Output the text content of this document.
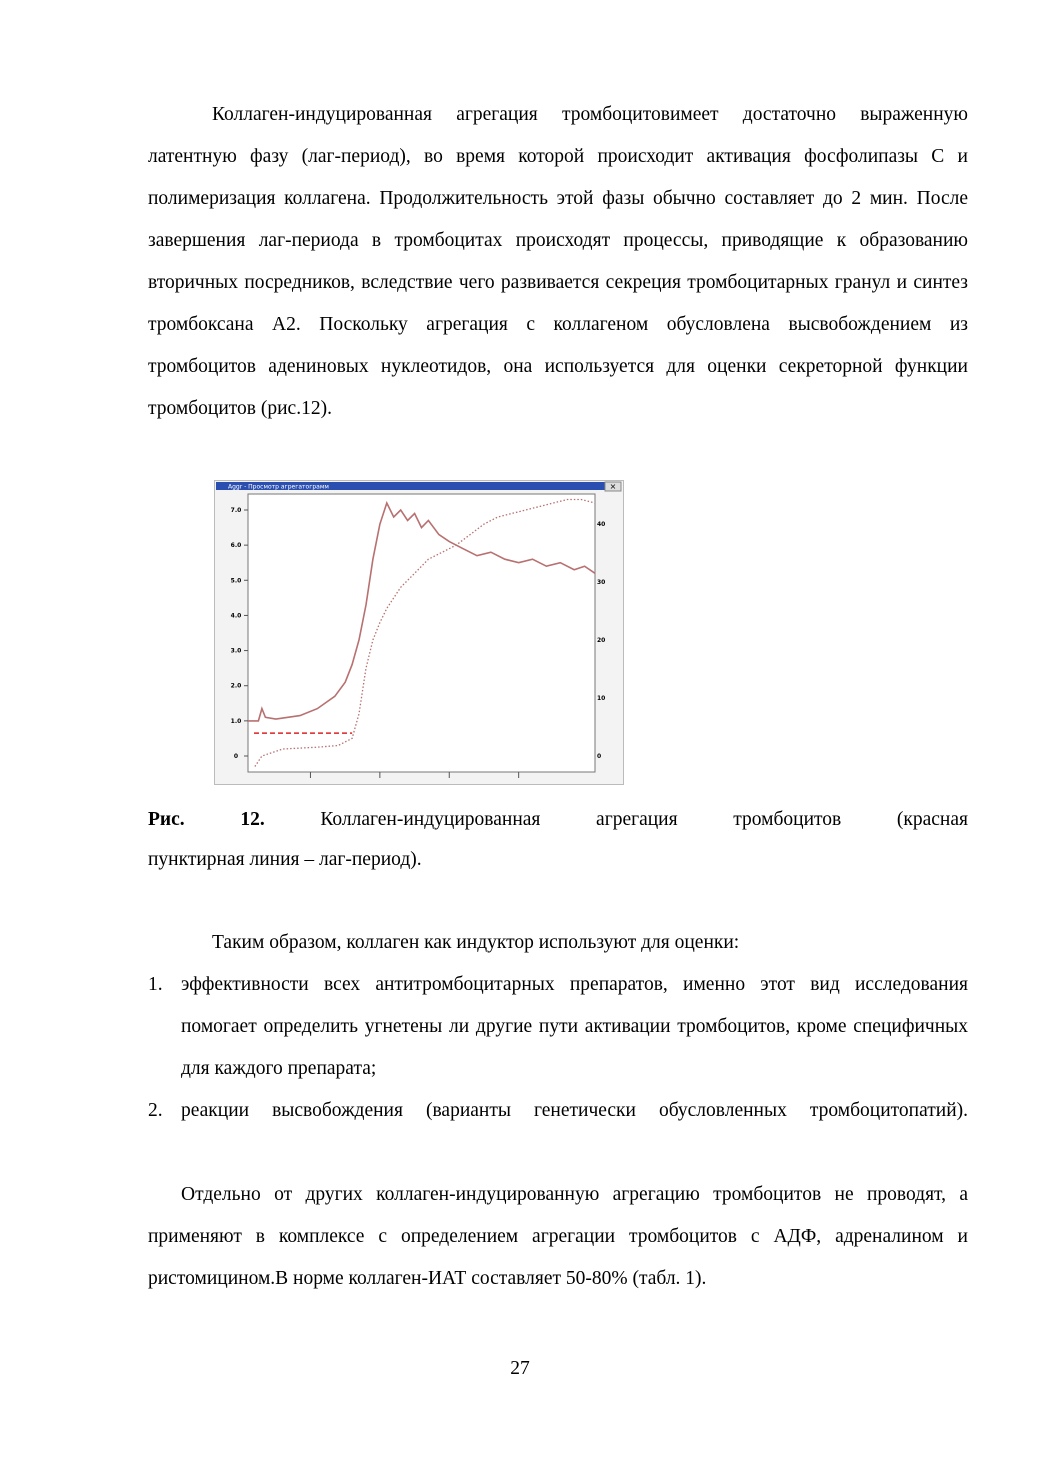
Коллаген-индуцированная агрегация тромбоцитовимеет достаточно выраженную латентную фазу (лаг-период), во время которой происходит активация фосфолипазы С и полимеризация коллагена. Продолжительность этой фазы обычно составляет до 2 мин. После завершения лаг-периода в тромбоцитах происходят процессы, приводящие к образованию вторичных посредников, вследствие чего развивается секреция тромбоцитарных гранул и синтез тромбоксана А2. Поскольку агрегация с коллагеном обусловлена высвобождением из тромбоцитов адениновых нуклеотидов, она используется для оценки секреторной функции тромбоцитов (рис.12).

Aggr - Просмотр агрегатограмм	×
7.0
6.0
5.0
4.0
3.0
2.0
1.0
0
40
30
20
10
0
Рис. 12.	Коллаген-индуцированная агрегация тромбоцитов (красная
пунктирная линия – лаг-период).

Таким образом, коллаген как индуктор используют для оценки:

1. эффективности всех антитромбоцитарных препаратов, именно этот вид исследования помогает определить угнетены ли другие пути активации тромбоцитов, кроме специфичных для каждого препарата;
2. реакции высвобождения (варианты генетически обусловленных тромбоцитопатий).

Отдельно от других коллаген-индуцированную агрегацию тромбоцитов не проводят, а применяют в комплексе с определением агрегации тромбоцитов с АДФ, адреналином и ристомицином.В норме коллаген-ИАТ составляет 50-80% (табл. 1).

27
